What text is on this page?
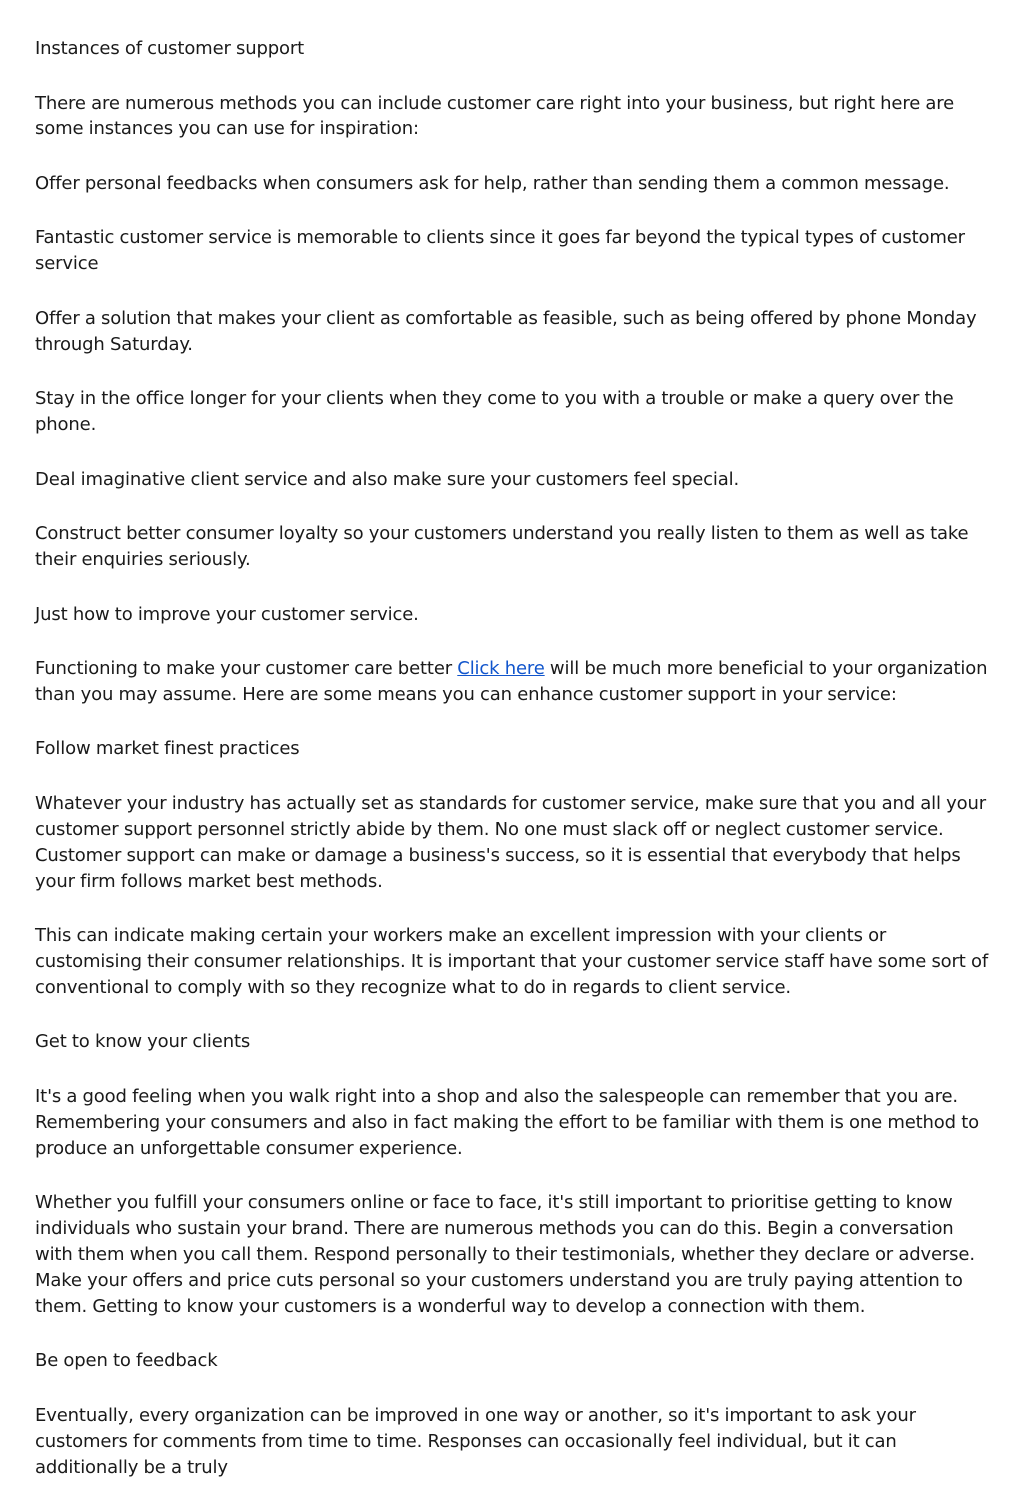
Instances of customer support

There are numerous methods you can include customer care right into your business, but right here are some instances you can use for inspiration:

Offer personal feedbacks when consumers ask for help, rather than sending them a common message.

Fantastic customer service is memorable to clients since it goes far beyond the typical types of customer service

Offer a solution that makes your client as comfortable as feasible, such as being offered by phone Monday through Saturday.

Stay in the office longer for your clients when they come to you with a trouble or make a query over the phone.

Deal imaginative client service and also make sure your customers feel special.

Construct better consumer loyalty so your customers understand you really listen to them as well as take their enquiries seriously.

Just how to improve your customer service.

Functioning to make your customer care better Click here will be much more beneficial to your organization than you may assume. Here are some means you can enhance customer support in your service:

Follow market finest practices

Whatever your industry has actually set as standards for customer service, make sure that you and all your customer support personnel strictly abide by them. No one must slack off or neglect customer service. Customer support can make or damage a business's success, so it is essential that everybody that helps your firm follows market best methods.

This can indicate making certain your workers make an excellent impression with your clients or customising their consumer relationships. It is important that your customer service staff have some sort of conventional to comply with so they recognize what to do in regards to client service.

Get to know your clients

It's a good feeling when you walk right into a shop and also the salespeople can remember that you are. Remembering your consumers and also in fact making the effort to be familiar with them is one method to produce an unforgettable consumer experience.

Whether you fulfill your consumers online or face to face, it's still important to prioritise getting to know individuals who sustain your brand. There are numerous methods you can do this. Begin a conversation with them when you call them. Respond personally to their testimonials, whether they declare or adverse. Make your offers and price cuts personal so your customers understand you are truly paying attention to them. Getting to know your customers is a wonderful way to develop a connection with them.

Be open to feedback

Eventually, every organization can be improved in one way or another, so it's important to ask your customers for comments from time to time. Responses can occasionally feel individual, but it can additionally be a truly
